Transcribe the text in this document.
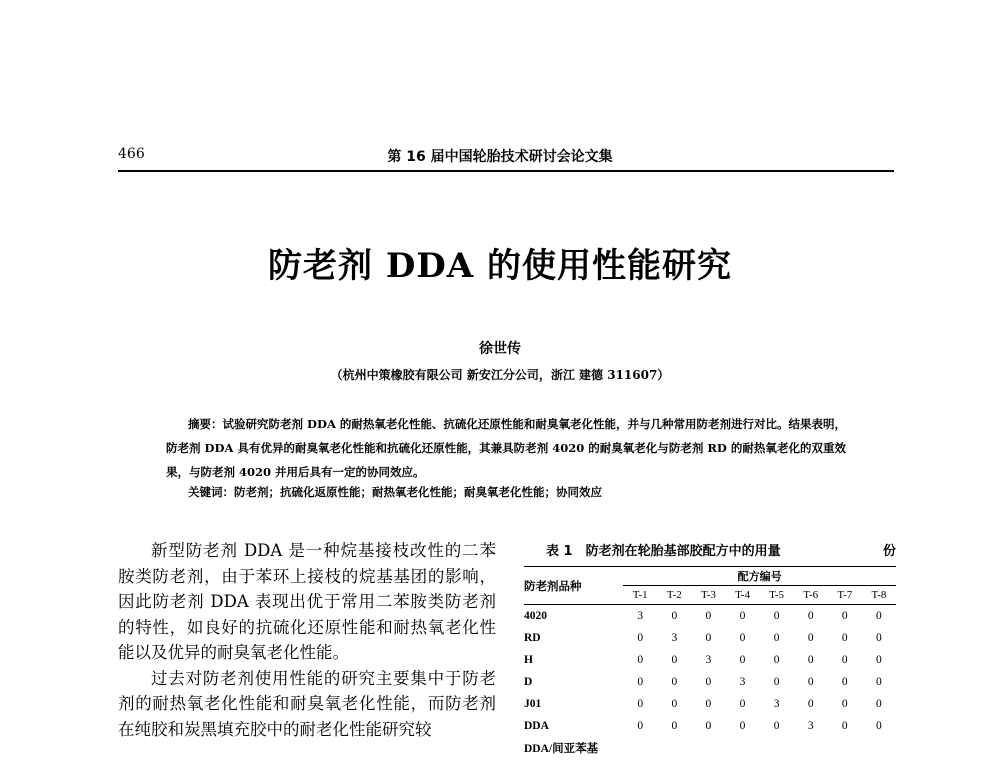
466	第 16 届中国轮胎技术研讨会论文集
防老剂 DDA 的使用性能研究
徐世传
（杭州中策橡胶有限公司 新安江分公司，浙江 建德 311607）

摘要：试验研究防老剂 DDA 的耐热氧老化性能、抗硫化还原性能和耐臭氧老化性能，并与几种常用防老剂进行对比。结果表明，防老剂 DDA 具有优异的耐臭氧老化性能和抗硫化还原性能，其兼具防老剂 4020 的耐臭氧老化与防老剂 RD 的耐热氧老化的双重效果，与防老剂 4020 并用后具有一定的协同效应。

关键词：防老剂；抗硫化返原性能；耐热氧老化性能；耐臭氧老化性能；协同效应

新型防老剂 DDA 是一种烷基接枝改性的二苯胺类防老剂，由于苯环上接枝的烷基基团的影响，因此防老剂 DDA 表现出优于常用二苯胺类防老剂的特性，如良好的抗硫化还原性能和耐热氧老化性能以及优异的耐臭氧老化性能。

过去对防老剂使用性能的研究主要集中于防老剂的耐热氧老化性能和耐臭氧老化性能，而防老剂在纯胶和炭黑填充胶中的耐老化性能研究较

表 1　防老剂在轮胎基部胶配方中的用量	份
防老剂品种	配方编号							
	T-1	T-2	T-3	T-4	T-5	T-6	T-7	T-8
4020	3	0	0	0	0	0	0	0
RD	0	3	0	0	0	0	0	0
H	0	0	3	0	0	0	0	0
D	0	0	0	3	0	0	0	0
J01	0	0	0	0	3	0	0	0
DDA	0	0	0	0	0	3	0	0
DDA/间亚苯基								
